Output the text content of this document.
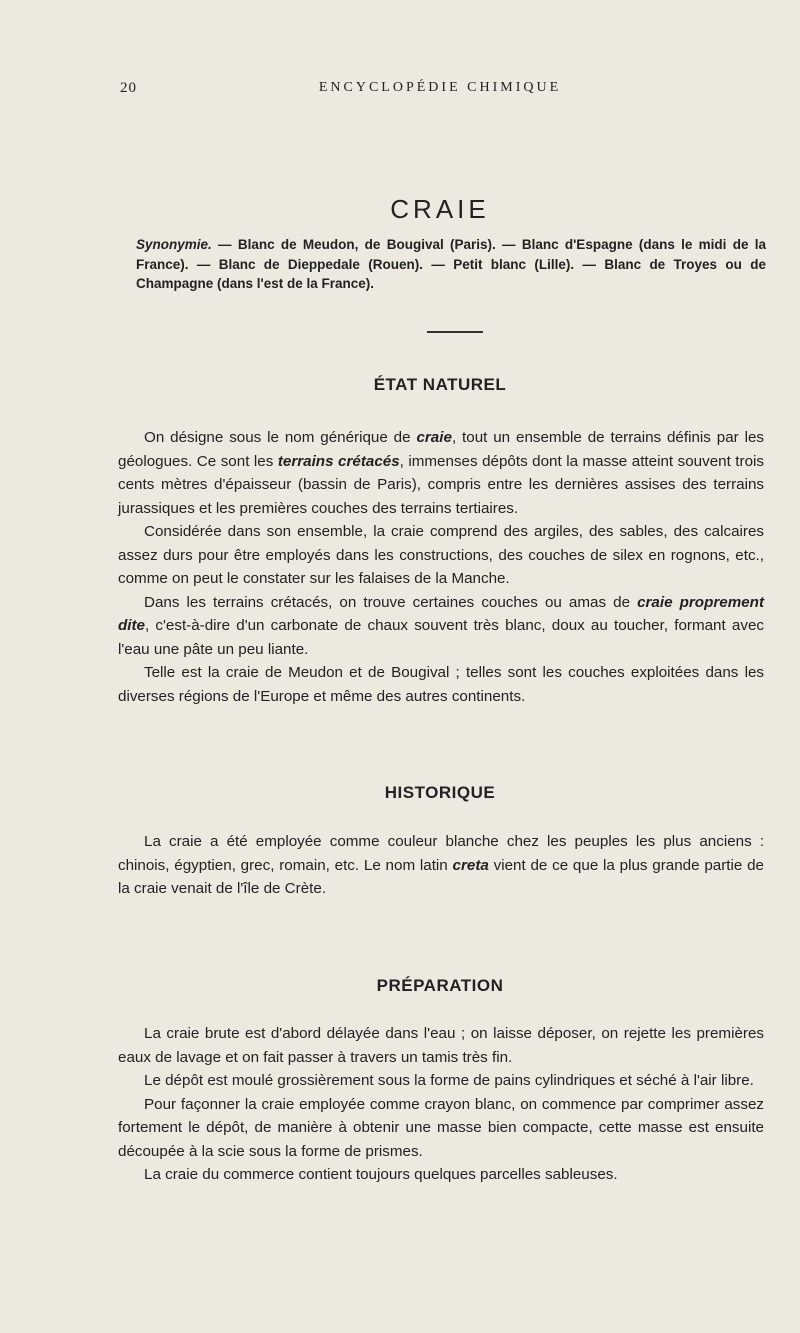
20	ENCYCLOPÉDIE CHIMIQUE
CRAIE
Synonymie. — Blanc de Meudon, de Bougival (Paris). — Blanc d'Espagne (dans le midi de la France). — Blanc de Dieppedale (Rouen). — Petit blanc (Lille). — Blanc de Troyes ou de Champagne (dans l'est de la France).
ÉTAT NATUREL

On désigne sous le nom générique de craie, tout un ensemble de terrains définis par les géologues. Ce sont les terrains crétacés, immenses dépôts dont la masse atteint souvent trois cents mètres d'épaisseur (bassin de Paris), compris entre les dernières assises des terrains jurassiques et les premières couches des terrains tertiaires.

Considérée dans son ensemble, la craie comprend des argiles, des sables, des calcaires assez durs pour être employés dans les constructions, des couches de silex en rognons, etc., comme on peut le constater sur les falaises de la Manche.

Dans les terrains crétacés, on trouve certaines couches ou amas de craie proprement dite, c'est-à-dire d'un carbonate de chaux souvent très blanc, doux au toucher, formant avec l'eau une pâte un peu liante.

Telle est la craie de Meudon et de Bougival ; telles sont les couches exploitées dans les diverses régions de l'Europe et même des autres continents.

HISTORIQUE

La craie a été employée comme couleur blanche chez les peuples les plus anciens : chinois, égyptien, grec, romain, etc. Le nom latin creta vient de ce que la plus grande partie de la craie venait de l'île de Crète.

PRÉPARATION

La craie brute est d'abord délayée dans l'eau ; on laisse déposer, on rejette les premières eaux de lavage et on fait passer à travers un tamis très fin.

Le dépôt est moulé grossièrement sous la forme de pains cylindriques et séché à l'air libre.

Pour façonner la craie employée comme crayon blanc, on commence par comprimer assez fortement le dépôt, de manière à obtenir une masse bien compacte, cette masse est ensuite découpée à la scie sous la forme de prismes.

La craie du commerce contient toujours quelques parcelles sableuses.
